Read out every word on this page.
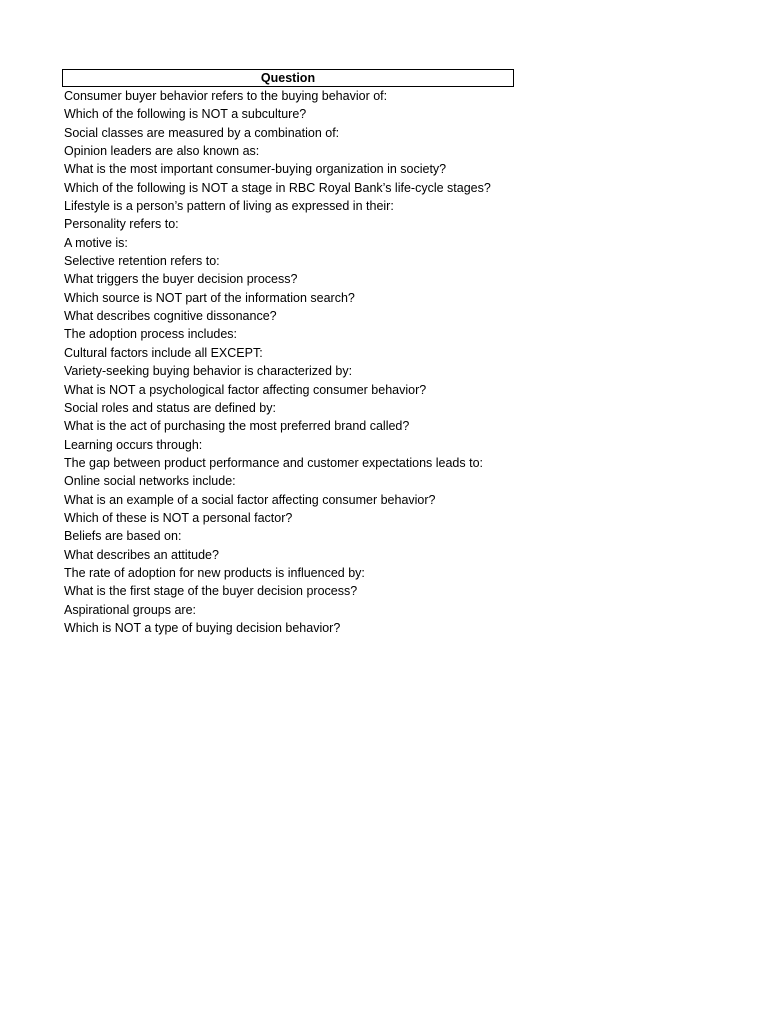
Question
Consumer buyer behavior refers to the buying behavior of:
Which of the following is NOT a subculture?
Social classes are measured by a combination of:
Opinion leaders are also known as:
What is the most important consumer-buying organization in society?
Which of the following is NOT a stage in RBC Royal Bank’s life-cycle stages?
Lifestyle is a person’s pattern of living as expressed in their:
Personality refers to:
A motive is:
Selective retention refers to:
What triggers the buyer decision process?
Which source is NOT part of the information search?
What describes cognitive dissonance?
The adoption process includes:
Cultural factors include all EXCEPT:
Variety-seeking buying behavior is characterized by:
What is NOT a psychological factor affecting consumer behavior?
Social roles and status are defined by:
What is the act of purchasing the most preferred brand called?
Learning occurs through:
The gap between product performance and customer expectations leads to:
Online social networks include:
What is an example of a social factor affecting consumer behavior?
Which of these is NOT a personal factor?
Beliefs are based on:
What describes an attitude?
The rate of adoption for new products is influenced by:
What is the first stage of the buyer decision process?
Aspirational groups are:
Which is NOT a type of buying decision behavior?
